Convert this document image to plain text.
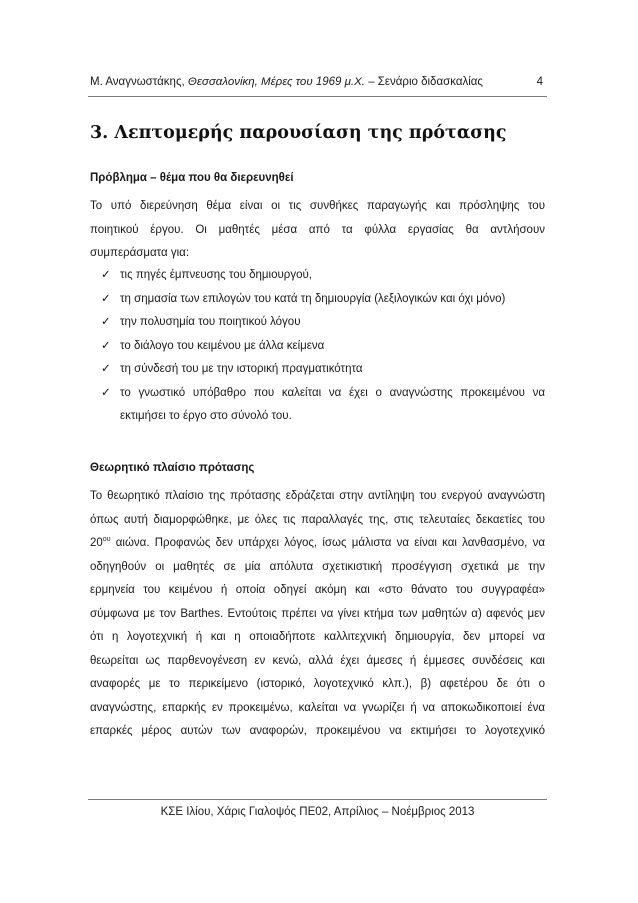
Μ. Αναγνωστάκης, Θεσσαλονίκη, Μέρες του 1969 μ.Χ. – Σενάριο διδασκαλίας	4
3. Λεπτομερής παρουσίαση της πρότασης
Πρόβλημα – θέμα που θα διερευνηθεί
Το υπό διερεύνηση θέμα είναι οι τις συνθήκες παραγωγής και πρόσληψης του
ποιητικού έργου. Οι μαθητές μέσα από τα φύλλα εργασίας θα αντλήσουν
συμπεράσματα για:
✓ τις πηγές έμπνευσης του δημιουργού,
✓ τη σημασία των επιλογών του κατά τη δημιουργία (λεξιλογικών και όχι μόνο)
✓ την πολυσημία του ποιητικού λόγου
✓ το διάλογο του κειμένου με άλλα κείμενα
✓ τη σύνδεσή του με την ιστορική πραγματικότητα
✓ το γνωστικό υπόβαθρο που καλείται να έχει ο αναγνώστης προκειμένου να
εκτιμήσει το έργο στο σύνολό του.
Θεωρητικό πλαίσιο πρότασης
Το θεωρητικό πλαίσιο της πρότασης εδράζεται στην αντίληψη του ενεργού αναγνώστη
όπως αυτή διαμορφώθηκε, με όλες τις παραλλαγές της, στις τελευταίες δεκαετίες του
$20^{o\upsilon}$ αιώνα. Προφανώς δεν υπάρχει λόγος, ίσως μάλιστα να είναι και λανθασμένο, να
οδηγηθούν οι μαθητές σε μία απόλυτα σχετικιστική προσέγγιση σχετικά με την
ερμηνεία του κειμένου ή οποία οδηγεί ακόμη και «στο θάνατο του συγγραφέα»
σύμφωνα με τον Barthes. Εντούτοις πρέπει να γίνει κτήμα των μαθητών α) αφενός μεν
ότι η λογοτεχνική ή και η οποιαδήποτε καλλιτεχνική δημιουργία, δεν μπορεί να
θεωρείται ως παρθενογένεση εν κενώ, αλλά έχει άμεσες ή έμμεσες συνδέσεις και
αναφορές με το περικείμενο (ιστορικό, λογοτεχνικό κλπ.), β) αφετέρου δε ότι ο
αναγνώστης, επαρκής εν προκειμένω, καλείται να γνωρίζει ή να αποκωδικοποιεί ένα
επαρκές μέρος αυτών των αναφορών, προκειμένου να εκτιμήσει το λογοτεχνικό
ΚΣΕ Ιλίου, Χάρις Γιαλοψός ΠΕ02, Απρίλιος – Νοέμβριος 2013
